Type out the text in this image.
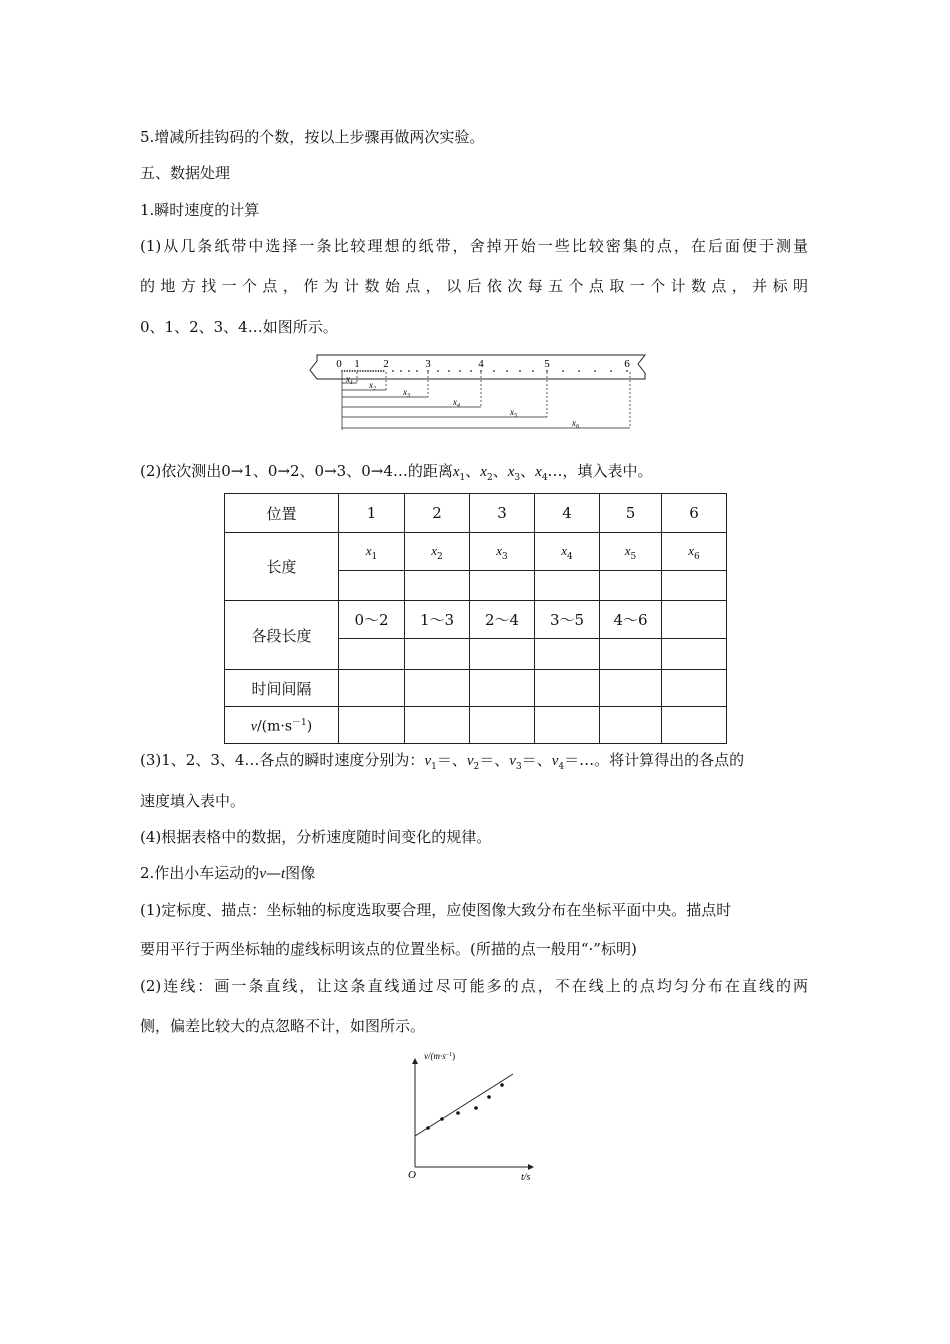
5.增减所挂钩码的个数，按以上步骤再做两次实验。
五、数据处理
1.瞬时速度的计算
(1)从几条纸带中选择一条比较理想的纸带，舍掉开始一些比较密集的点，在后面便于测量
的地方找一个点，作为计数始点，以后依次每五个点取一个计数点，并标明
0、1、2、3、4…如图所示。
0 1 2	3	4	5	6
$x_1$ $x_2$	$x_3$
$x_4$
$x_5$
$x_6$
(2)依次测出0→1、0→2、0→3、0→4…的距离$x_1$、$x_2$、$x_3$、$x_4\dots$，填入表中。
位置	1	2	3	4	5	6
长度	$x_1$	$x_2$	$x_3$	$x_4$	$x_5$	$x_6$

各段长度	0～2	1～3	2～4	3～5	4～6	

时间间隔						
$v/(m\cdot s^{-1})$						
(3)1、2、3、4…各点的瞬时速度分别为：$v_1=$、$v_2=$、$v_3=$、$v_4=\dots$。将计算得出的各点的
速度填入表中。
(4)根据表格中的数据，分析速度随时间变化的规律。
2.作出小车运动的v—t图像
(1)定标度、描点：坐标轴的标度选取要合理，应使图像大致分布在坐标平面中央。描点时
要用平行于两坐标轴的虚线标明该点的位置坐标。(所描的点一般用“·”标明)
(2)连线：画一条直线，让这条直线通过尽可能多的点，不在线上的点均匀分布在直线的两
侧，偏差比较大的点忽略不计，如图所示。
$v/(m\cdot s^{-1})$
t/s
O
